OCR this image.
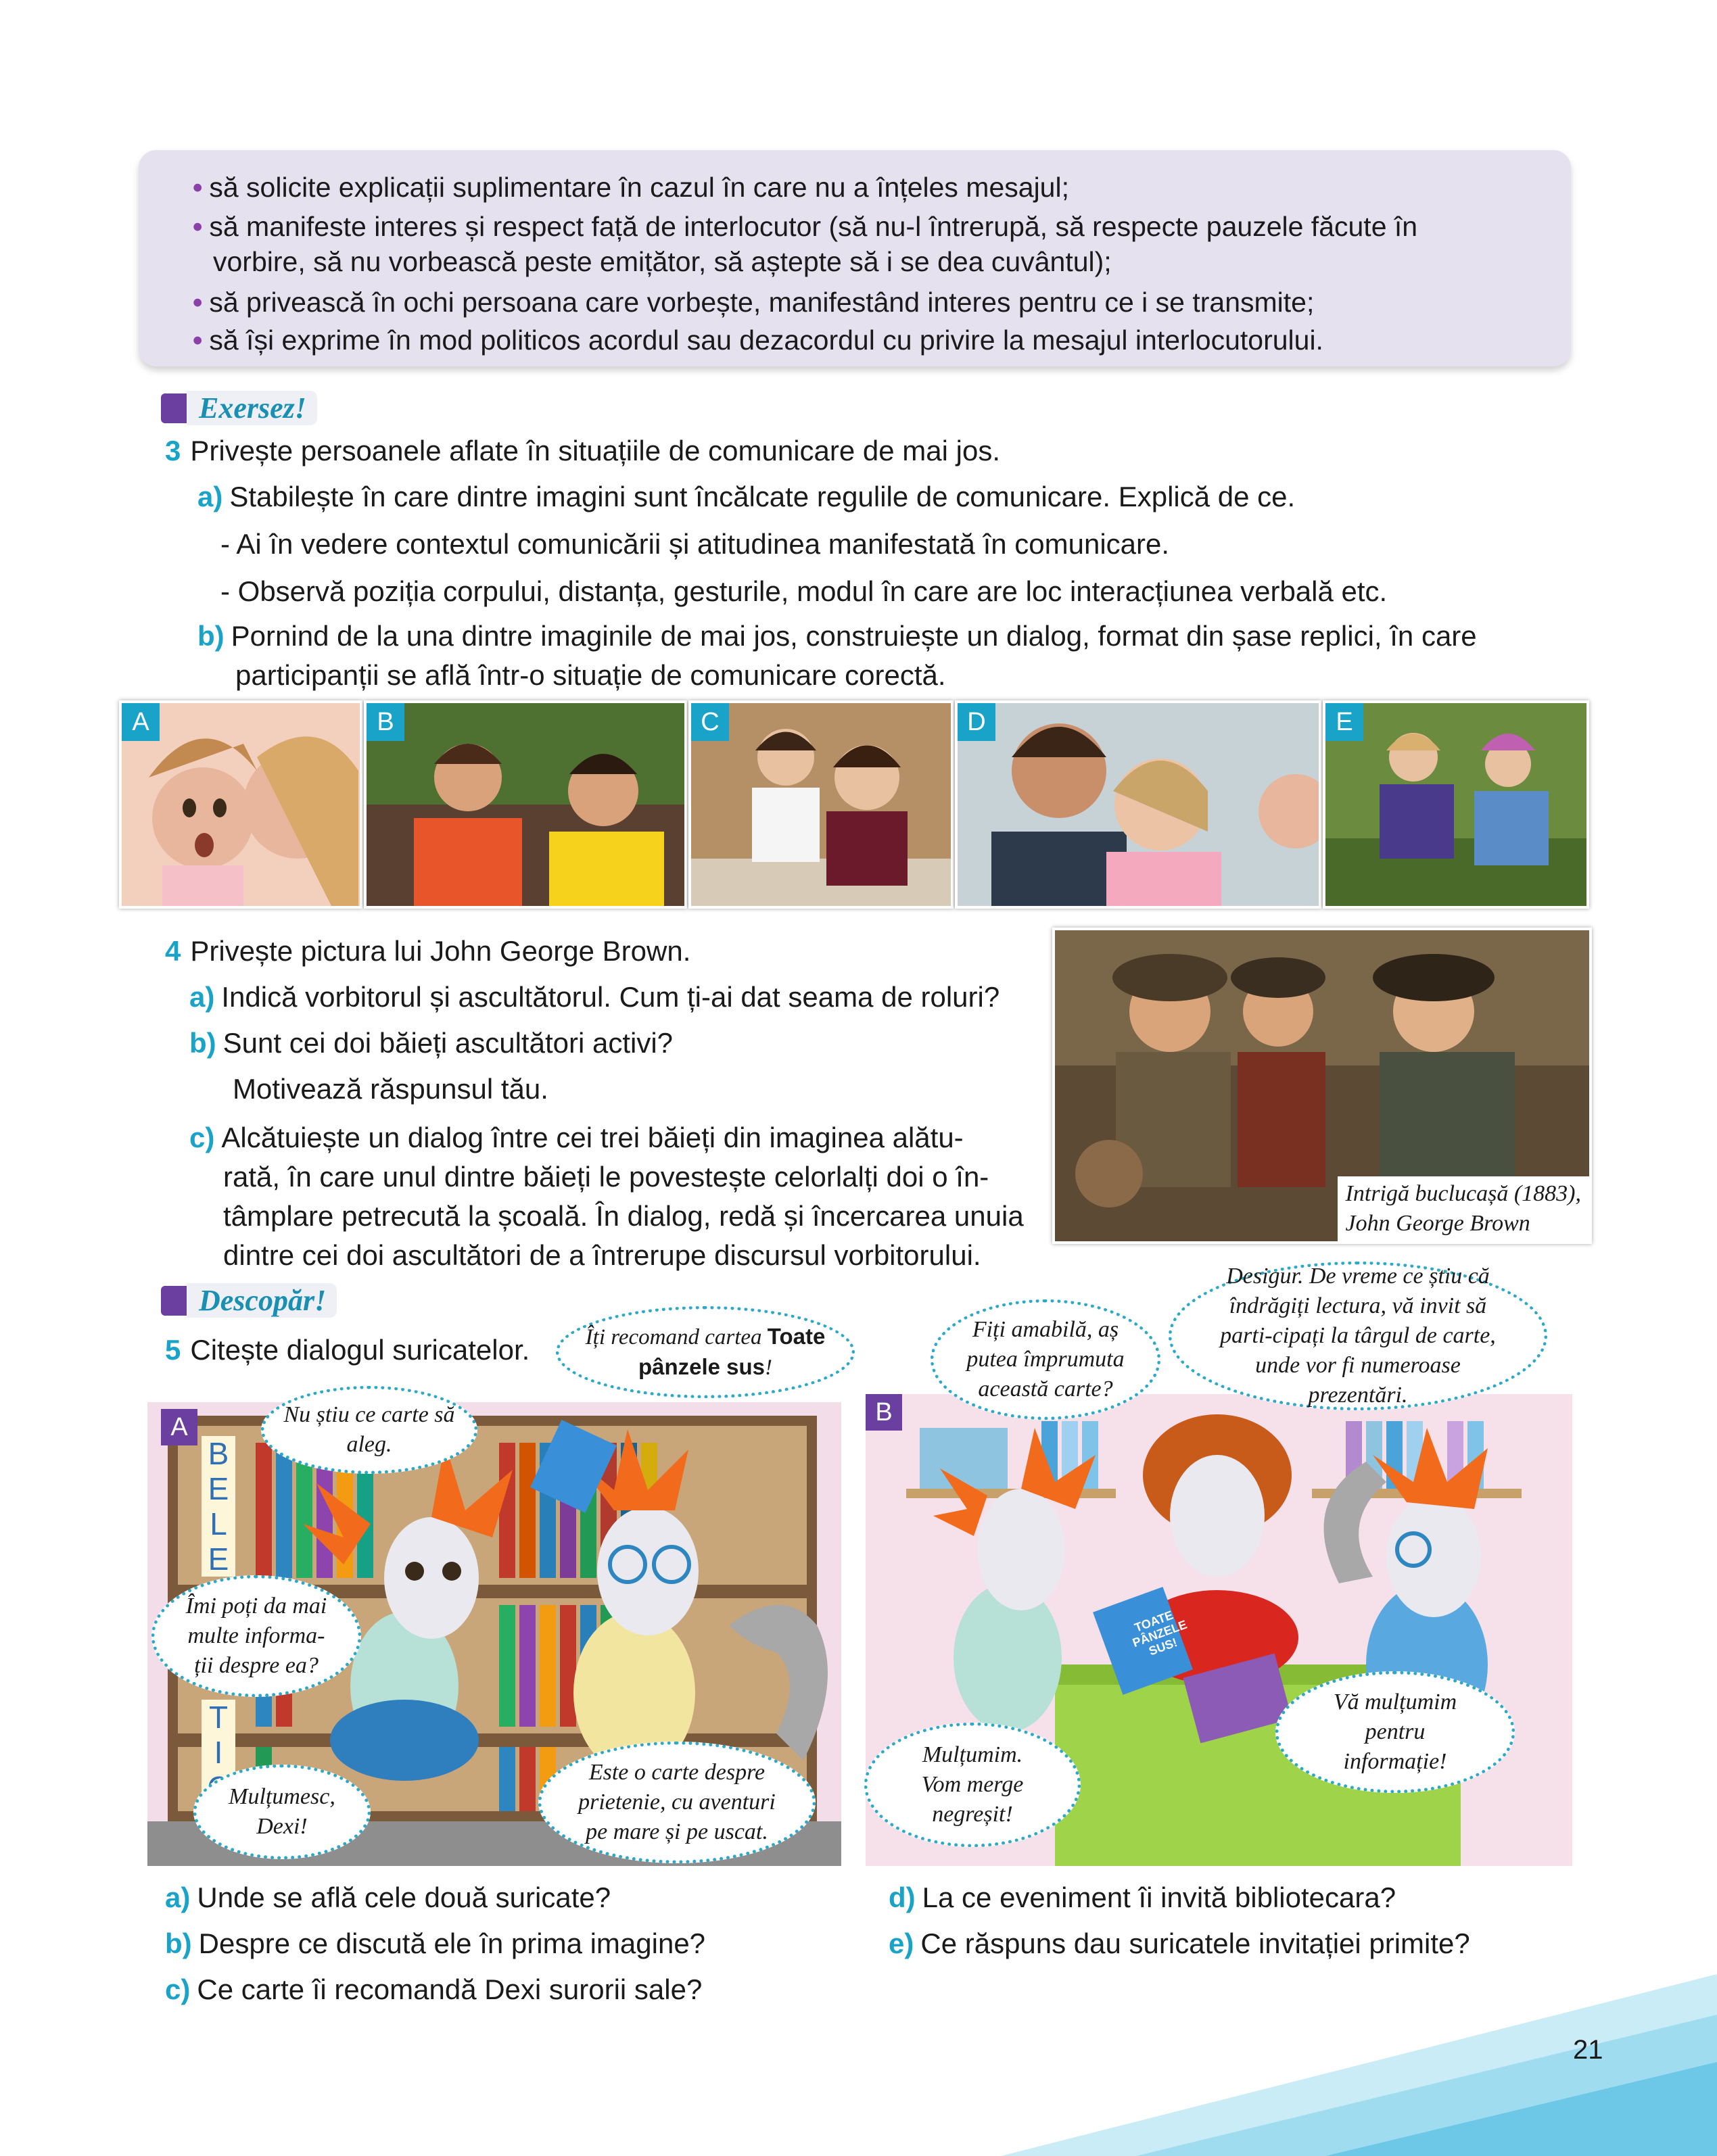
• să solicite explicații suplimentare în cazul în care nu a înțeles mesajul;
• să manifeste interes și respect față de interlocutor (să nu-l întrerupă, să respecte pauzele făcute în
vorbire, să nu vorbească peste emițător, să aștepte să i se dea cuvântul);
• să privească în ochi persoana care vorbește, manifestând interes pentru ce i se transmite;
• să își exprime în mod politicos acordul sau dezacordul cu privire la mesajul interlocutorului.
Exersez!
3 Privește persoanele aflate în situațiile de comunicare de mai jos.
a) Stabilește în care dintre imagini sunt încălcate regulile de comunicare. Explică de ce.
- Ai în vedere contextul comunicării și atitudinea manifestată în comunicare.
- Observă poziția corpului, distanța, gesturile, modul în care are loc interacțiunea verbală etc.
b) Pornind de la una dintre imaginile de mai jos, construiește un dialog, format din șase replici, în care
participanții se află într-o situație de comunicare corectă.
A	B	C	D	E
4 Privește pictura lui John George Brown.
a) Indică vorbitorul și ascultătorul. Cum ți-ai dat seama de roluri?
b) Sunt cei doi băieți ascultători activi?
Motivează răspunsul tău.
c) Alcătuiește un dialog între cei trei băieți din imaginea alătu-
rată, în care unul dintre băieți le povestește celorlalți doi o în-
tâmplare petrecută la școală. În dialog, redă și încercarea unuia
dintre cei doi ascultători de a întrerupe discursul vorbitorului.
Intrigă buclucașă (1883),
John George Brown
Descopăr!
5 Citește dialogul suricatelor.
A
B
E
L
E
T
I
TOATE PÂNZELE SUS!
B
Nu știu ce carte să aleg.
Îți recomand cartea Toate pânzele sus!
Îmi poți da mai multe informa-ții despre ea?
Este o carte despre prietenie, cu aventuri pe mare și pe uscat.
Mulțumesc, Dexi!
Fiți amabilă, aș putea împrumuta această carte?
Desigur. De vreme ce știu că îndrăgiți lectura, vă invit să parti-cipați la târgul de carte, unde vor fi numeroase prezentări.
Mulțumim. Vom merge negreșit!
Vă mulțumim pentru informație!
a) Unde se află cele două suricate?
b) Despre ce discută ele în prima imagine?
c) Ce carte îi recomandă Dexi surorii sale?
d) La ce eveniment îi invită bibliotecara?
e) Ce răspuns dau suricatele invitației primite?
21
